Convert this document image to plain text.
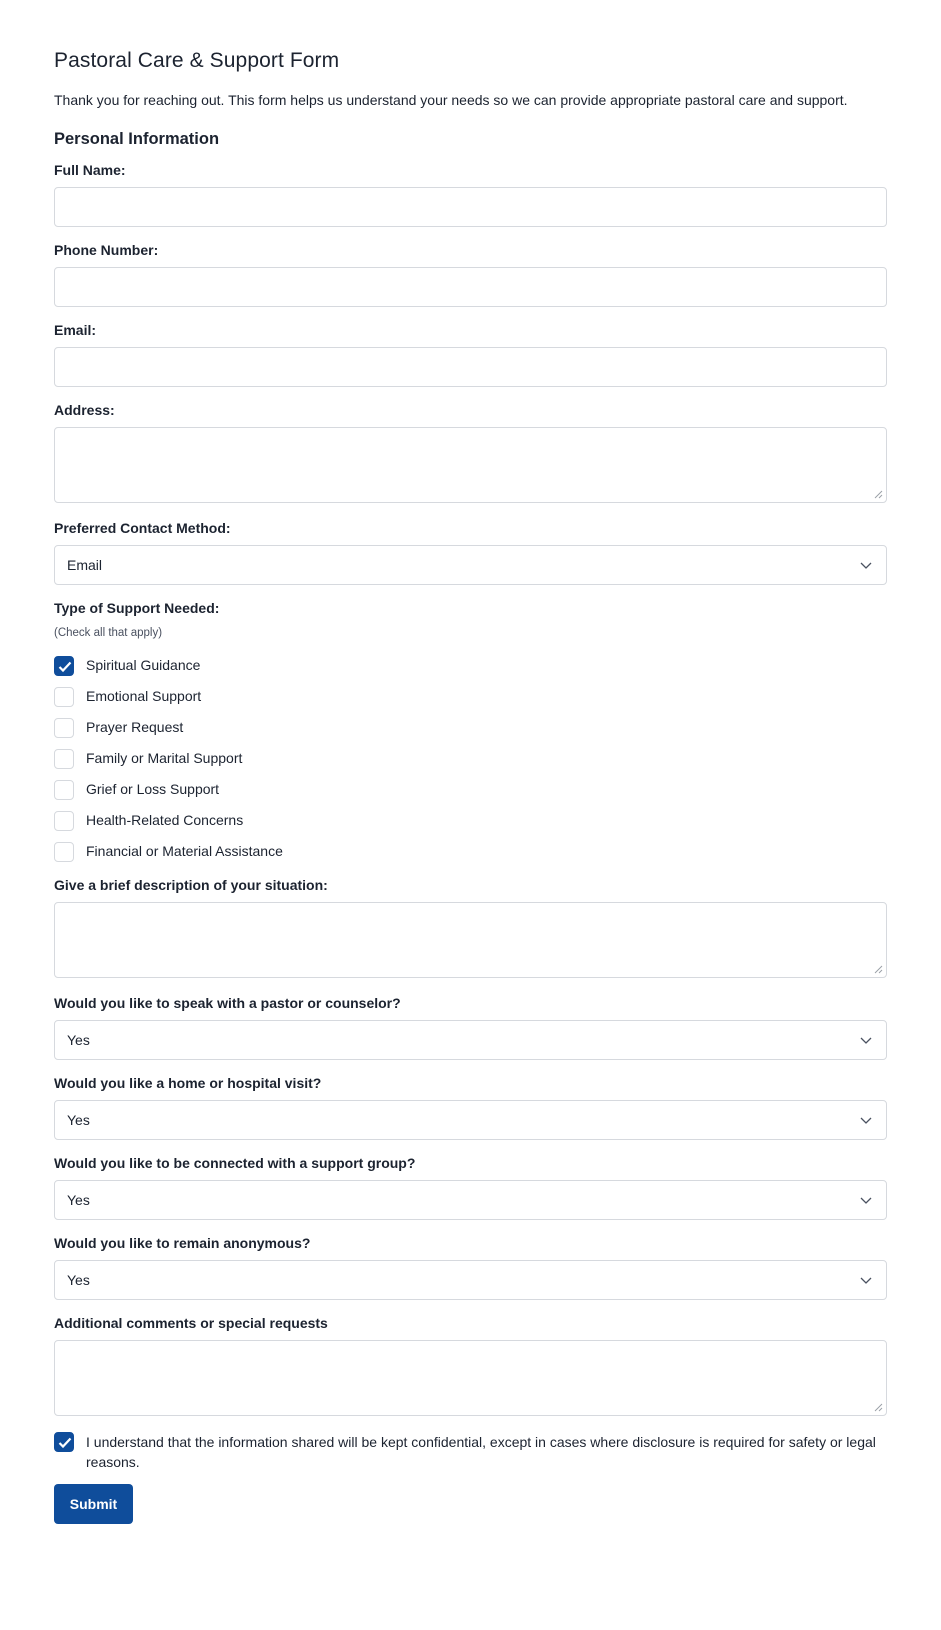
Pastoral Care & Support Form

Thank you for reaching out. This form helps us understand your needs so we can provide appropriate pastoral care and support.

Personal Information
Full Name:
Phone Number:
Email:
Address:
Preferred Contact Method:
Email
Type of Support Needed:
(Check all that apply)
Spiritual Guidance
Emotional Support
Prayer Request
Family or Marital Support
Grief or Loss Support
Health-Related Concerns
Financial or Material Assistance
Give a brief description of your situation:
Would you like to speak with a pastor or counselor?
Yes
Would you like a home or hospital visit?
Yes
Would you like to be connected with a support group?
Yes
Would you like to remain anonymous?
Yes
Additional comments or special requests
I understand that the information shared will be kept confidential, except in cases where disclosure is required for safety or legal reasons.
Submit
